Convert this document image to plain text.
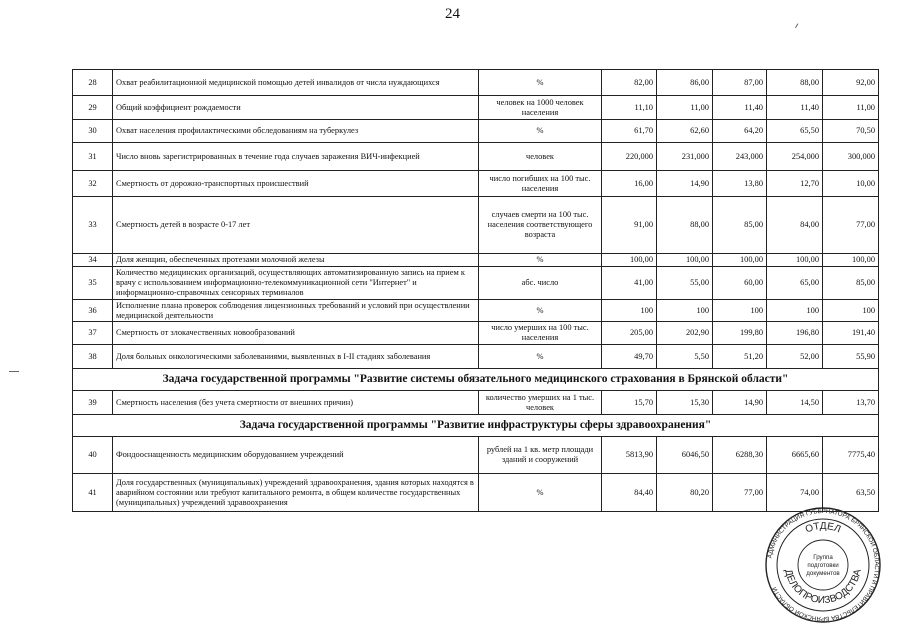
24
28	Охват реабилитационной медицинской помощью детей инвалидов от числа нуждающихся	%	82,00	86,00	87,00	88,00	92,00
29	Общий коэффициент рождаемости	человек на 1000 человек населения	11,10	11,00	11,40	11,40	11,00
30	Охват населения профилактическими обследованиям на туберкулез	%	61,70	62,60	64,20	65,50	70,50
31	Число вновь зарегистрированных в течение года случаев заражения ВИЧ-инфекцией	человек	220,000	231,000	243,000	254,000	300,000
32	Смертность от дорожно-транспортных происшествий	число погибших на 100 тыс. населения	16,00	14,90	13,80	12,70	10,00
33	Смертность детей в возрасте 0-17 лет	случаев смерти на 100 тыс. населения соответствующего возраста	91,00	88,00	85,00	84,00	77,00
34	Доля женщин, обеспеченных протезами молочной железы	%	100,00	100,00	100,00	100,00	100,00
35	Количество медицинских организаций, осуществляющих автоматизированную запись на прием к врачу с использованием информационно-телекоммуникационной сети "Интернет" и информационно-справочных сенсорных терминалов	абс. число	41,00	55,00	60,00	65,00	85,00
36	Исполнение плана проверок соблюдения лицензионных требований и условий при осуществлении медицинской деятельности	%	100	100	100	100	100
37	Смертность от злокачественных новообразований	число умерших на 100 тыс. населения	205,00	202,90	199,80	196,80	191,40
38	Доля больных онкологическими заболеваниями, выявленных в I-II стадиях заболевания	%	49,70	5,50	51,20	52,00	55,90
Задача государственной программы "Развитие системы обязательного медицинского страхования в Брянской области"							
39	Смертность населения (без учета смертности от внешних причин)	количество умерших на 1 тыс. человек	15,70	15,30	14,90	14,50	13,70
Задача государственной программы "Развитие инфраструктуры сферы здравоохранения"							
40	Фондооснащенность медицинским оборудованием учреждений	рублей на 1 кв. метр площади зданий и сооружений	5813,90	6046,50	6288,30	6665,60	7775,40
41	Доля государственных (муниципальных) учреждений здравоохранения, здания которых находятся в аварийном состоянии или требуют капитального ремонта, в общем количестве государственных (муниципальных) учреждений здравоохранения	%	84,40	80,20	77,00	74,00	63,50
АДМИНИСТРАЦИЯ ГУБЕРНАТОРА БРЯНСКОЙ ОБЛАСТИ И ПРАВИТЕЛЬСТВА БРЯНСКОЙ ОБЛАСТИ
ОТДЕЛ
ДЕЛОПРОИЗВОДСТВА
Группа
подготовки
документов
